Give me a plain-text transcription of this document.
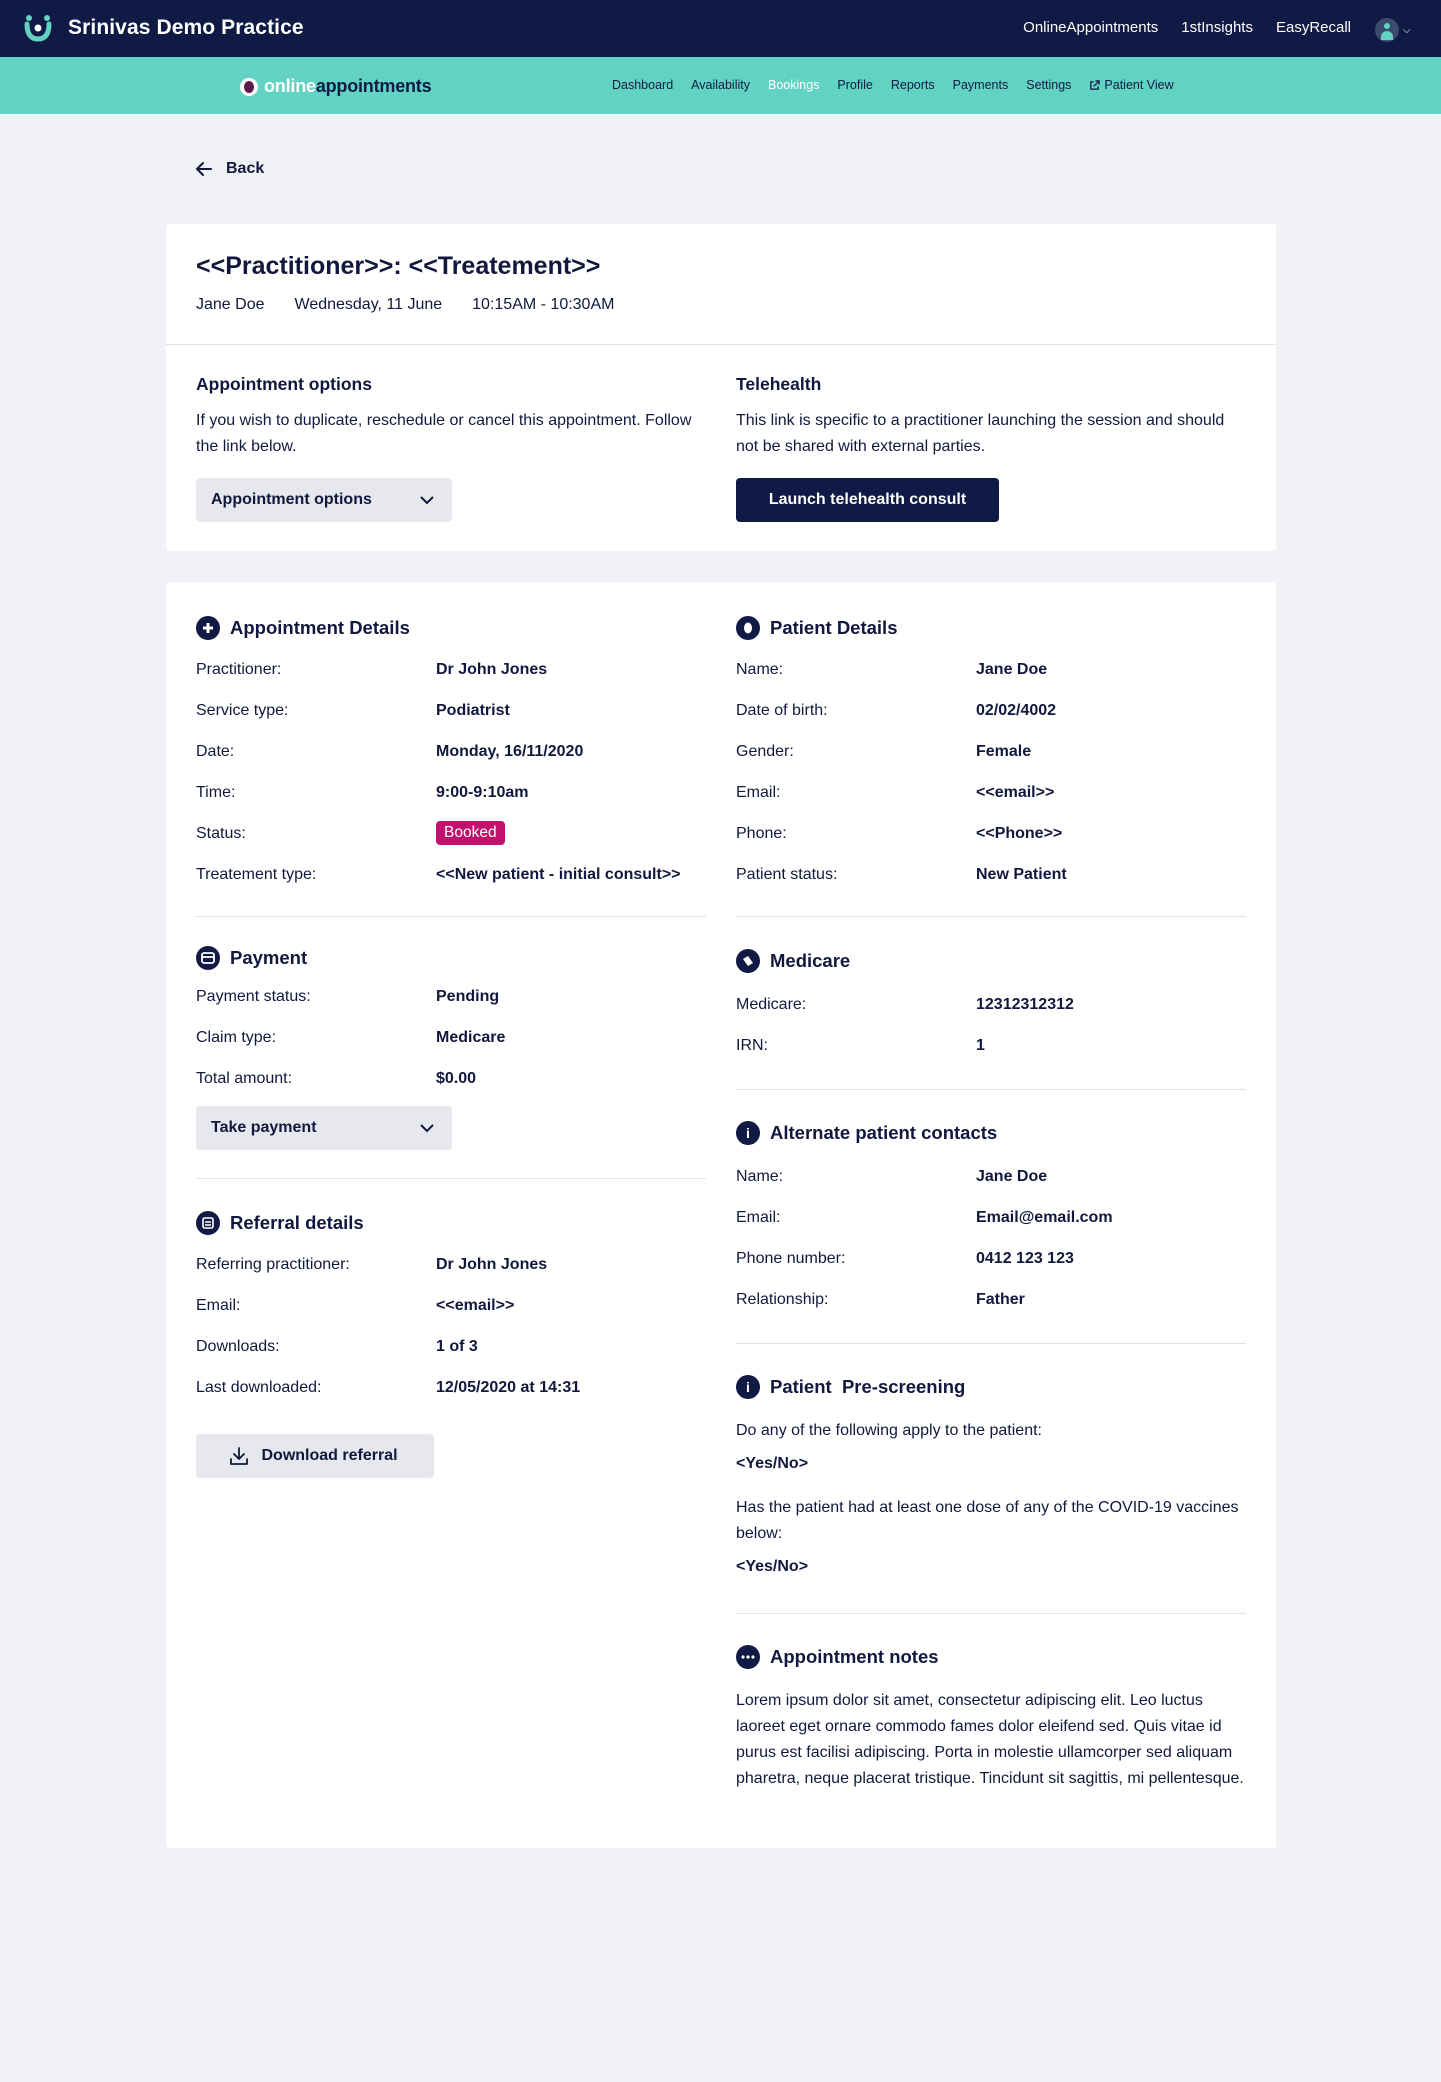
Srinivas Demo Practice	OnlineAppointments 1stInsights EasyRecall	⌵
onlineappointments	Dashboard Availability Bookings Profile Reports Payments Settings	Patient View
Back
<<Practitioner>>: <<Treatement>>
Jane Doe Wednesday, 11 June 10:15AM - 10:30AM
Appointment options

If you wish to duplicate, reschedule or cancel this appointment. Follow the link below.

Appointment options
Telehealth

This link is specific to a practitioner launching the session and should not be shared with external parties.

Launch telehealth consult
Appointment Details
Practitioner:	Dr John Jones
Service type:	Podiatrist
Date:	Monday, 16/11/2020
Time:	9:00-9:10am
Status:	Booked
Treatement type:	<<New patient - initial consult>>
Payment
Payment status:	Pending
Claim type:	Medicare
Total amount:	$0.00
Take payment
Referral details
Referring practitioner:	Dr John Jones
Email:	<<email>>
Downloads:	1 of 3
Last downloaded:	12/05/2020 at 14:31
Download referral
Patient Details
Name:	Jane Doe
Date of birth:	02/02/4002
Gender:	Female
Email:	<<email>>
Phone:	<<Phone>>
Patient status:	New Patient
Medicare
Medicare:	12312312312
IRN:	1
i	Alternate patient contacts
Name:	Jane Doe
Email:	Email@email.com
Phone number:	0412 123 123
Relationship:	Father
i	Patient  Pre-screening
Do any of the following apply to the patient:
<Yes/No>
Has the patient had at least one dose of any of the COVID-19 vaccines below:
<Yes/No>
Appointment notes
Lorem ipsum dolor sit amet, consectetur adipiscing elit. Leo luctus laoreet eget ornare commodo fames dolor eleifend sed. Quis vitae id purus est facilisi adipiscing. Porta in molestie ullamcorper sed aliquam pharetra, neque placerat tristique. Tincidunt sit sagittis, mi pellentesque.
